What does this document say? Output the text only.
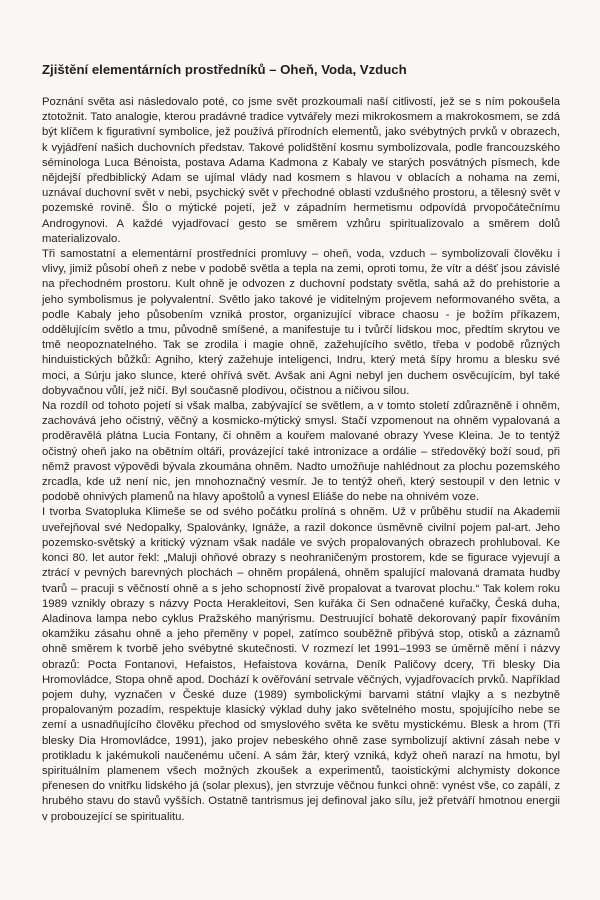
Zjištění elementárních prostředníků – Oheň, Voda, Vzduch

Poznání světa asi následovalo poté, co jsme svět prozkoumali naší citlivostí, jež se s ním pokoušela ztotožnit. Tato analogie, kterou pradávné tradice vytvářely mezi mikrokosmem a makrokosmem, se zdá být klíčem k figurativní symbolice, jež používá přírodních elementů, jako svébytných prvků v obrazech, k vyjádření našich duchovních představ. Takové polidštění kosmu symbolizovala, podle francouzského séminologa Luca Bénoista, postava Adama Kadmona z Kabaly ve starých posvátných písmech, kde nějdejší předbiblický Adam se ujímal vlády nad kosmem s hlavou v oblacích a nohama na zemi, uznávaí duchovní svět v nebi, psychický svět v přechodné oblasti vzdušného prostoru, a tělesný svět v pozemské rovině. Šlo o mýtické pojetí, jež v západním hermetismu odpovídá prvopočátečnímu Androgynovi. A každé vyjadřovací gesto se směrem vzhůru spiritualizovalo a směrem dolů materializovalo.

Tři samostatní a elementární prostředníci promluvy – oheň, voda, vzduch – symbolizovali člověku i vlivy, jimiž působí oheň z nebe v podobě světla a tepla na zemi, oproti tomu, že vítr a déšť jsou závislé na přechodném prostoru. Kult ohně je odvozen z duchovní podstaty světla, sahá až do prehistorie a jeho symbolismus je polyvalentní. Světlo jako takové je viditelným projevem neformovaného světa, a podle Kabaly jeho působením vzniká prostor, organizující vibrace chaosu - je božím příkazem, oddělujícím světlo a tmu, původně smíšené, a manifestuje tu i tvůrčí lidskou moc, předtím skrytou ve tmě neopoznatelného. Tak se zrodila i magie ohně, zažehujícího světlo, třeba v podobě různých hinduistických bůžků: Agniho, který zažehuje inteligenci, Indru, který metá šípy hromu a blesku své moci, a Súrju jako slunce, které ohřívá svět. Avšak ani Agni nebyl jen duchem osvěcujícím, byl také dobyvačnou vůlí, jež ničí. Byl současně plodivou, očistnou a ničivou silou.

Na rozdíl od tohoto pojetí si však malba, zabývající se světlem, a v tomto století zdůrazněně i ohněm, zachovává jeho očistný, věčný a kosmicko-mýtický smysl. Stačí vzpomenout na ohněm vypalovaná a proděravělá plátna Lucia Fontany, či ohněm a kouřem malované obrazy Yvese Kleina. Je to tentýž očistný oheň jako na obětním oltáři, provázející také intronizace a ordálie – středověký boží soud, při němž pravost výpovědi bývala zkoumána ohněm. Nadto umožňuje nahlédnout za plochu pozemského zrcadla, kde už není nic, jen mnohoznačný vesmír. Je to tentýž oheň, který sestoupil v den letnic v podobě ohnivých plamenů na hlavy apoštolů a vynesl Eliáše do nebe na ohnivém voze.

I tvorba Svatopluka Klimeše se od svého počátku prolíná s ohněm. Už v průběhu studií na Akademii uveřejňoval své Nedopalky, Spalovánky, Ignáže, a razil dokonce úsměvně civilní pojem pal-art. Jeho pozemsko-světský a kritický význam však nadále ve svých propalovaných obrazech prohluboval. Ke konci 80. let autor řekl: „Maluji ohňové obrazy s neohraničeným prostorem, kde se figurace vyjevují a ztrácí v pevných barevných plochách – ohněm propálená, ohněm spalující malovaná dramata hudby tvarů – pracuji s věčností ohně a s jeho schopností živě propalovat a tvarovat plochu.“ Tak kolem roku 1989 vznikly obrazy s názvy Pocta Herakleitovi, Sen kuřáka či Sen odnačené kuřačky, Česká duha, Aladinova lampa nebo cyklus Pražského manýrismu. Destruující bohatě dekorovaný papír fixováním okamžiku zásahu ohně a jeho přeměny v popel, zatímco souběžně přibývá stop, otisků a záznamů ohně směrem k tvorbě jeho svébytné skutečnosti. V rozmezí let 1991–1993 se úměrně mění i názvy obrazů: Pocta Fontanovi, Hefaistos, Hefaistova kovárna, Deník Paličovy dcery, Tři blesky Dia Hromovládce, Stopa ohně apod. Dochází k ověřování setrvale věčných, vyjadřovacích prvků. Například pojem duhy, vyznačen v České duze (1989) symbolickými barvami státní vlajky a s nezbytně propalovaným pozadím, respektuje klasický výklad duhy jako světelného mostu, spojujícího nebe se zemí a usnadňujícího člověku přechod od smyslového světa ke světu mystickému. Blesk a hrom (Tři blesky Dia Hromovládce, 1991), jako projev nebeského ohně zase symbolizují aktivní zásah nebe v protikladu k jakémukoli naučenému učení. A sám žár, který vzniká, když oheň narazí na hmotu, byl spirituálním plamenem všech možných zkoušek a experimentů, taoistickými alchymisty dokonce přenesen do vnitřku lidského já (solar plexus), jen stvrzuje věčnou funkci ohně: vynést vše, co zapálí, z hrubého stavu do stavů vyšších. Ostatně tantrismus jej definoval jako sílu, jež přetváří hmotnou energii v probouzející se spiritualitu.
